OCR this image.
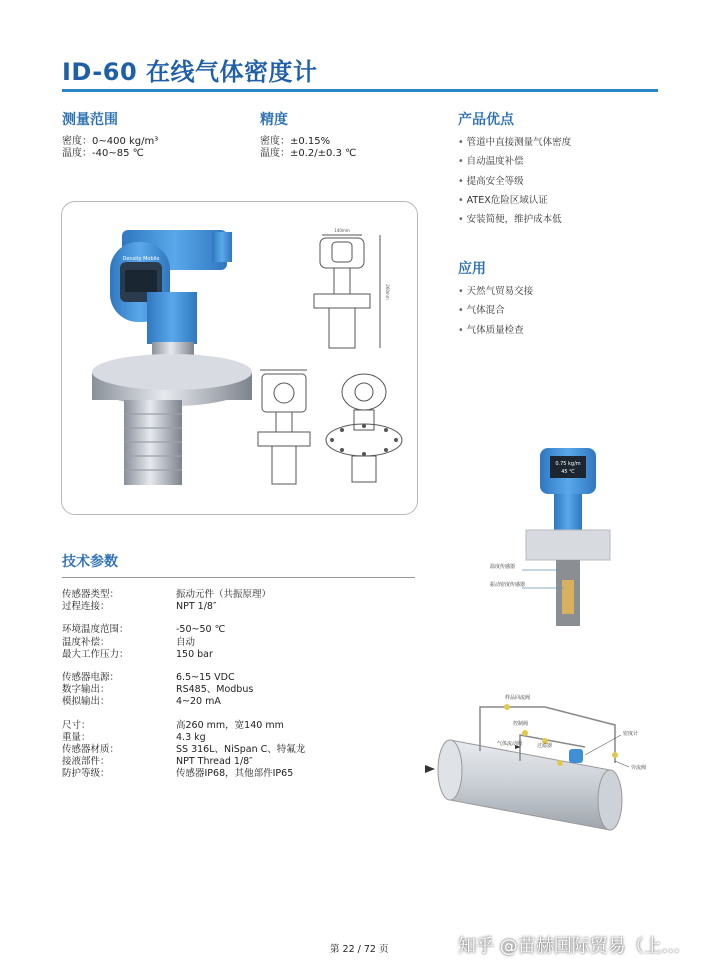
ID-60 在线气体密度计
测量范围
密度：0~400 kg/m³
温度：-40~85 ℃
精度
密度：±0.15%
温度：±0.2/±0.3 ℃
产品优点
• 管道中直接测量气体密度
• 自动温度补偿
• 提高安全等级
• ATEX危险区域认证
• 安装简便，维护成本低
应用
• 天然气贸易交接
• 气体混合
• 气体质量检查
Density Mobile
140mm
260mm
0.75 kg/m
45 ℃
温度传感器
振动密度传感器
样品回流阀
控制阀
气体流动阀	过滤器
密度计
旁流阀
技术参数
传感器类型：
过程连接：
环境温度范围：
温度补偿：
最大工作压力：
传感器电源：
数字输出：
模拟输出：
尺寸：
重量：
传感器材质：
接液部件：
防护等级：
振动元件（共振原理）
NPT 1/8″
-50~50 ℃
自动
150 bar
6.5~15 VDC
RS485、Modbus
4~20 mA
高260 mm，宽140 mm
4.3 kg
SS 316L、NiSpan C、特氟龙
NPT Thread 1/8″
传感器IP68，其他部件IP65
第 22 / 72 页	知乎 @苗赫国际贸易（上…
